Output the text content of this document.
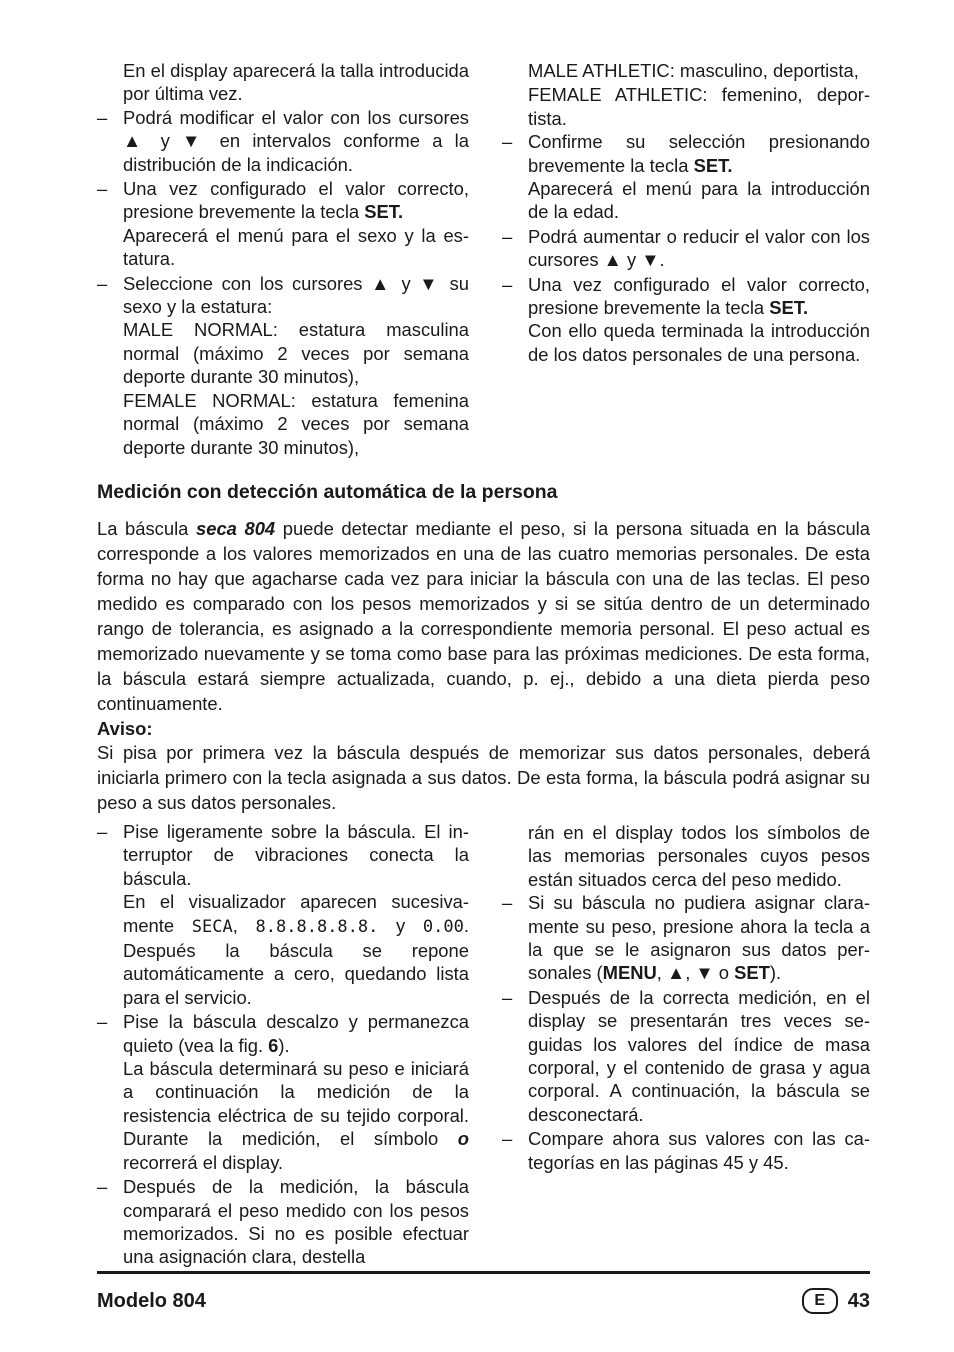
En el display aparecerá la talla introducida por última vez.
– Podrá modificar el valor con los cursores ▲ y ▼ en intervalos conforme a la distribución de la indicación.
– Una vez configurado el valor correcto, presione brevemente la tecla SET.
Aparecerá el menú para el sexo y la estatura.
– Seleccione con los cursores ▲ y ▼ su sexo y la estatura:
MALE NORMAL: estatura masculina normal (máximo 2 veces por semana deporte durante 30 minutos),
FEMALE NORMAL: estatura femenina normal (máximo 2 veces por semana deporte durante 30 minutos),
MALE ATHLETIC: masculino, deportista,
FEMALE ATHLETIC: femenino, deportista.
– Confirme su selección presionando brevemente la tecla SET.
Aparecerá el menú para la introducción de la edad.
– Podrá aumentar o reducir el valor con los cursores ▲ y ▼.
– Una vez configurado el valor correcto, presione brevemente la tecla SET.
Con ello queda terminada la introducción de los datos personales de una persona.
Medición con detección automática de la persona
La báscula seca 804 puede detectar mediante el peso, si la persona situada en la báscula corresponde a los valores memorizados en una de las cuatro memorias personales. De esta forma no hay que agacharse cada vez para iniciar la báscula con una de las teclas. El peso medido es comparado con los pesos memorizados y si se sitúa dentro de un determinado rango de tolerancia, es asignado a la correspondiente memoria personal. El peso actual es memorizado nuevamente y se toma como base para las próximas mediciones. De esta forma, la báscula estará siempre actualizada, cuando, p. ej., debido a una dieta pierda peso continuamente.
Aviso:
Si pisa por primera vez la báscula después de memorizar sus datos personales, deberá iniciarla primero con la tecla asignada a sus datos. De esta forma, la báscula podrá asignar su peso a sus datos personales.
– Pise ligeramente sobre la báscula. El interruptor de vibraciones conecta la báscula.
En el visualizador aparecen sucesivamente SECA, 8.8.8.8.8.8. y 0.00. Después la báscula se repone automáticamente a cero, quedando lista para el servicio.
– Pise la báscula descalzo y permanezca quieto (vea la fig. 6).
La báscula determinará su peso e iniciará a continuación la medición de la resistencia eléctrica de su tejido corporal. Durante la medición, el símbolo o recorrerá el display.
– Después de la medición, la báscula comparará el peso medido con los pesos memorizados. Si no es posible efectuar una asignación clara, destella
rán en el display todos los símbolos de las memorias personales cuyos pesos están situados cerca del peso medido.
– Si su báscula no pudiera asignar claramente su peso, presione ahora la tecla a la que se le asignaron sus datos personales (MENU, ▲, ▼ o SET).
– Después de la correcta medición, en el display se presentarán tres veces seguidas los valores del índice de masa corporal, y el contenido de grasa y agua corporal. A continuación, la báscula se desconectará.
– Compare ahora sus valores con las categorías en las páginas 45 y 45.
Modelo 804	E	43
